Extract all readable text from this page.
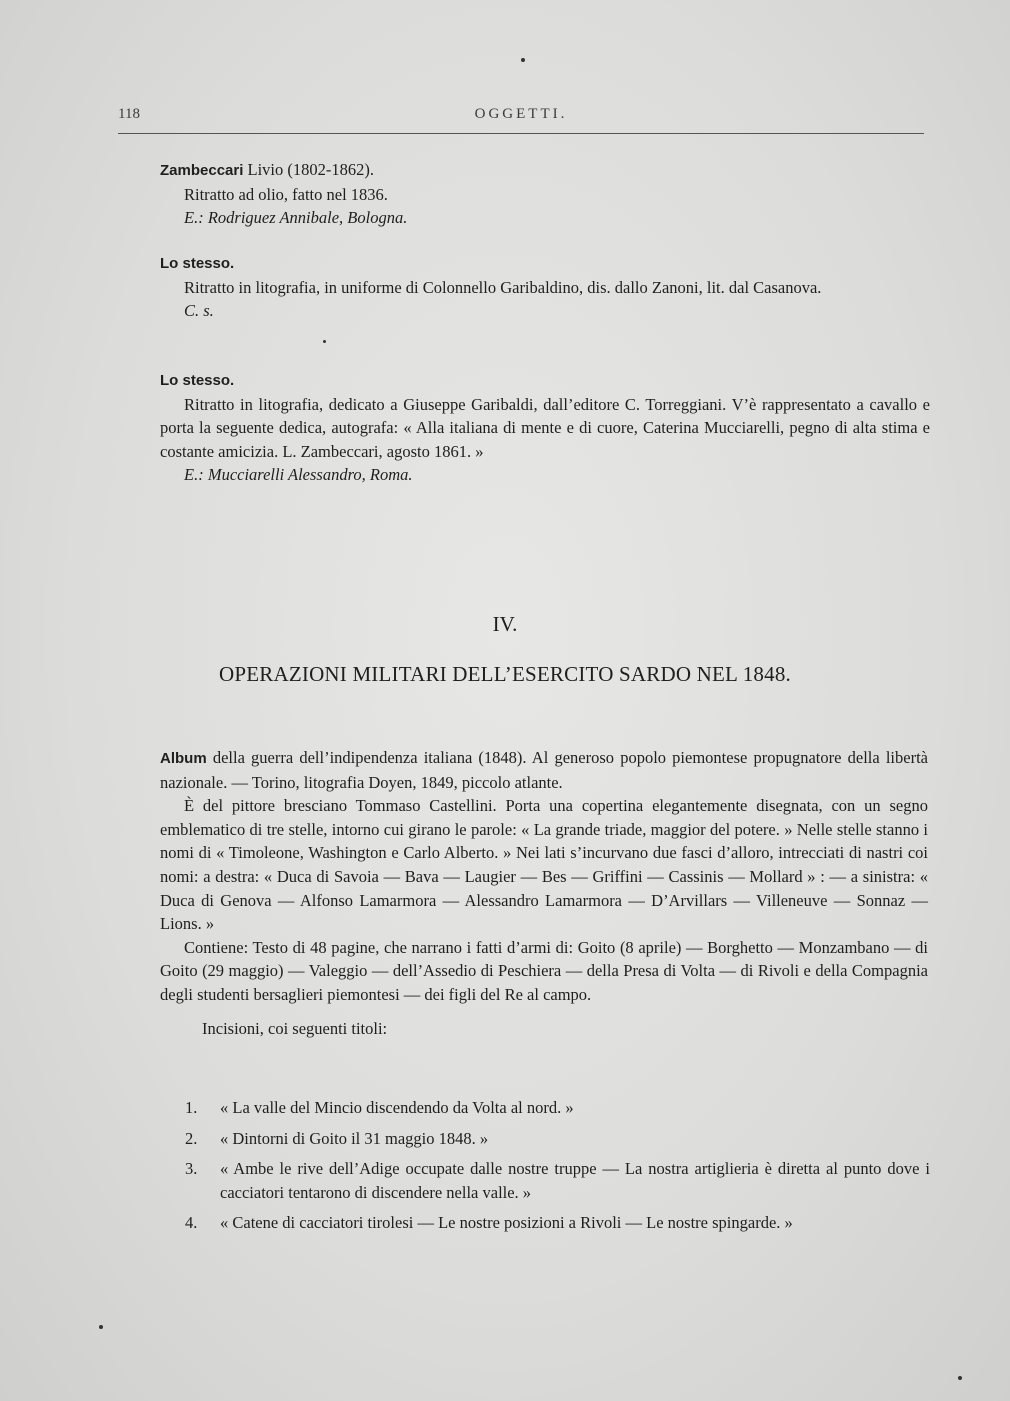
118	OGGETTI.

Zambeccari Livio (1802-1862).

Ritratto ad olio, fatto nel 1836.

E.: Rodriguez Annibale, Bologna.

Lo stesso.

Ritratto in litografia, in uniforme di Colonnello Garibaldino, dis. dallo Zanoni, lit. dal Casanova.

C. s.

Lo stesso.

Ritratto in litografia, dedicato a Giuseppe Garibaldi, dall’editore C. Torreggiani. V’è rappresentato a cavallo e porta la seguente dedica, autografa: « Alla italiana di mente e di cuore, Caterina Mucciarelli, pegno di alta stima e costante amicizia. L. Zambeccari, agosto 1861. »

E.: Mucciarelli Alessandro, Roma.

IV.
OPERAZIONI MILITARI DELL’ESERCITO SARDO NEL 1848.

Album della guerra dell’indipendenza italiana (1848). Al generoso popolo piemontese propugnatore della libertà nazionale. — Torino, litografia Doyen, 1849, piccolo atlante.

È del pittore bresciano Tommaso Castellini. Porta una copertina elegantemente disegnata, con un segno emblematico di tre stelle, intorno cui girano le parole: « La grande triade, maggior del potere. » Nelle stelle stanno i nomi di « Timoleone, Washington e Carlo Alberto. » Nei lati s’incurvano due fasci d’alloro, intrecciati di nastri coi nomi: a destra: « Duca di Savoia — Bava — Laugier — Bes — Griffini — Cassinis — Mollard » : — a sinistra: « Duca di Genova — Alfonso Lamarmora — Alessandro Lamarmora — D’Arvillars — Villeneuve — Sonnaz — Lions. »

Contiene: Testo di 48 pagine, che narrano i fatti d’armi di: Goito (8 aprile) — Borghetto — Monzambano — di Goito (29 maggio) — Valeggio — dell’Assedio di Peschiera — della Presa di Volta — di Rivoli e della Compagnia degli studenti bersaglieri piemontesi — dei figli del Re al campo.

Incisioni, coi seguenti titoli:

1.	« La valle del Mincio discendendo da Volta al nord. »
2.	« Dintorni di Goito il 31 maggio 1848. »
3.	« Ambe le rive dell’Adige occupate dalle nostre truppe — La nostra artiglieria è diretta al punto dove i cacciatori tentarono di discendere nella valle. »
4.	« Catene di cacciatori tirolesi — Le nostre posizioni a Rivoli — Le nostre spingarde. »
